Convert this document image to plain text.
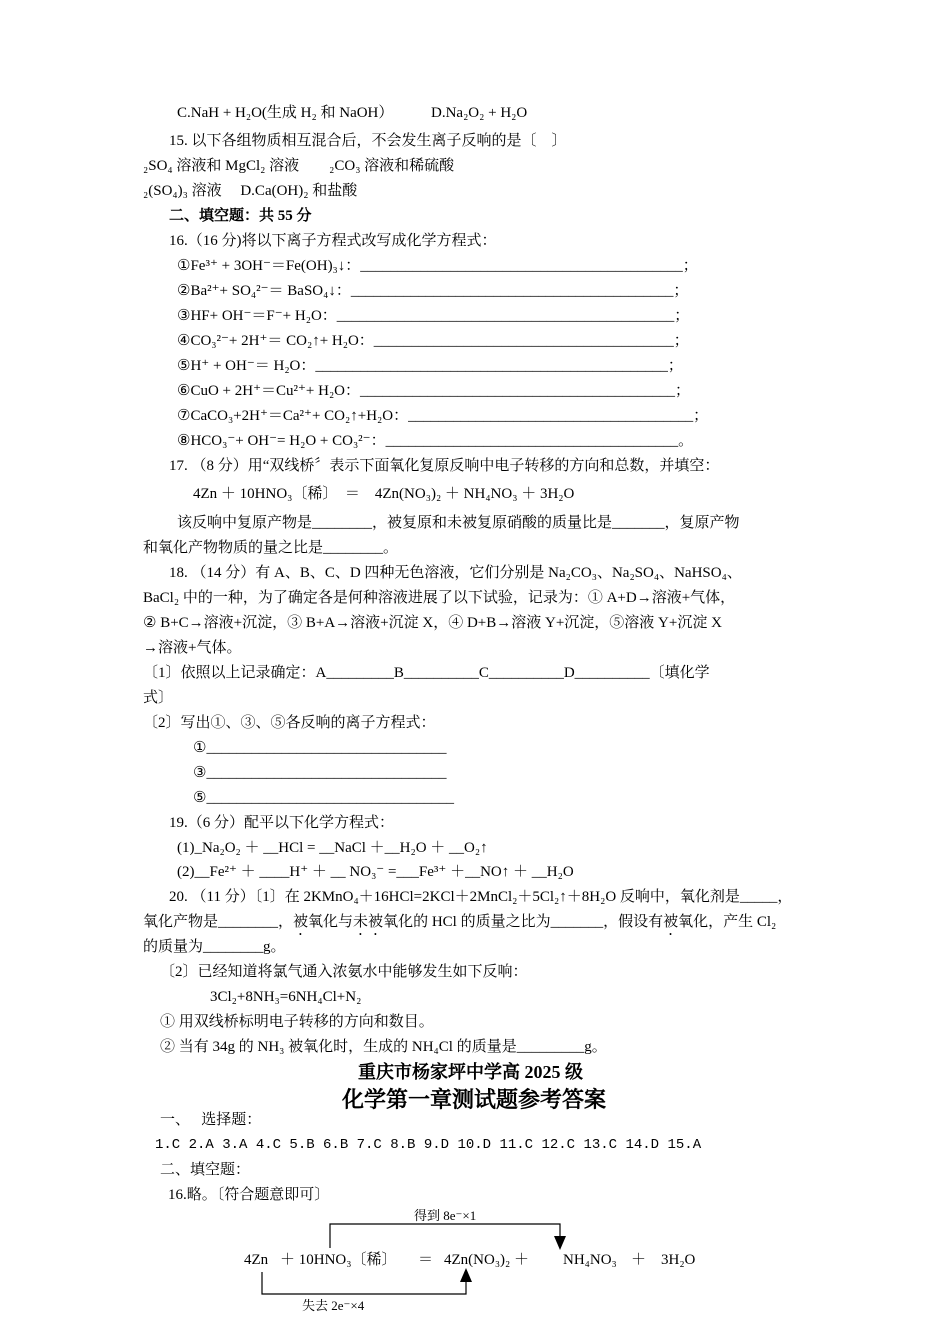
C.NaH + H₂O(生成 H₂ 和 NaOH）	D.Na₂O₂ + H₂O
15. 以下各组物质相互混合后，不会发生离子反响的是〔　〕
₂SO₄ 溶液和 MgCl₂ 溶液　　₂CO₃ 溶液和稀硫酸
₂(SO₄)₃ 溶液　 D.Ca(OH)₂ 和盐酸
二、填空题：共 55 分
16.（16 分)将以下离子方程式改写成化学方程式：
①Fe³⁺ + 3OH⁻＝Fe(OH)₃↓：___________________________________________；
②Ba²⁺+ SO₄²⁻＝ BaSO₄↓：___________________________________________；
③HF+ OH⁻＝F⁻+ H₂O：_____________________________________________；
④CO₃²⁻+ 2H⁺＝ CO₂↑+ H₂O：________________________________________；
⑤H⁺ + OH⁻＝ H₂O：_______________________________________________；
⑥CuO + 2H⁺＝Cu²⁺+ H₂O：__________________________________________；
⑦CaCO₃+2H⁺＝Ca²⁺+ CO₂↑+H₂O：______________________________________；
⑧HCO₃⁻+ OH⁻= H₂O + CO₃²⁻：_______________________________________。
17. （8 分）用“双线桥〞表示下面氧化复原反响中电子转移的方向和总数，并填空：
4Zn ＋ 10HNO₃〔稀〕　＝　4Zn(NO₃)₂ ＋ NH₄NO₃ ＋ 3H₂O
该反响中复原产物是________，被复原和未被复原硝酸的质量比是_______，复原产物
和氧化产物物质的量之比是________。
18. （14 分）有 A、B、C、D 四种无色溶液，它们分别是 Na₂CO₃、Na₂SO₄、NaHSO₄、
BaCl₂ 中的一种，为了确定各是何种溶液进展了以下试验，记录为：① A+D→溶液+气体，
② B+C→溶液+沉淀，③ B+A→溶液+沉淀 X，④ D+B→溶液 Y+沉淀，⑤溶液 Y+沉淀 X
→溶液+气体。
〔1〕依照以上记录确定：A_________B__________C__________D__________〔填化学
式〕
〔2〕写出①、③、⑤各反响的离子方程式：
①________________________________
③________________________________
⑤_________________________________
19.（6 分）配平以下化学方程式：
(1)_Na₂O₂ ＋ __HCl = __NaCl ＋__H₂O ＋ __O₂↑
(2)__Fe²⁺ ＋ ____H⁺ ＋ __ NO₃⁻ =___Fe³⁺ ＋__NO↑ ＋ __H₂O
20. （11 分）〔1〕在 2KMnO₄＋16HCl=2KCl＋2MnCl₂＋5Cl₂↑＋8H₂O 反响中，氧化剂是_____，
氧化产物是________，被氧化与未被氧化的 HCl 的质量之比为_______，假设有被氧化，产生 Cl₂
的质量为________g。
〔2〕已经知道将氯气通入浓氨水中能够发生如下反响：
3Cl₂+8NH₃=6NH₄Cl+N₂
① 用双线桥标明电子转移的方向和数目。
② 当有 34g 的 NH₃ 被氧化时，生成的 NH₄Cl 的质量是_________g。
重庆市杨家坪中学高 2025 级
化学第一章测试题参考答案
一、　 选择题：
1.C 2.A 3.A 4.C 5.B 6.B 7.C 8.B 9.D 10.D 11.C 12.C 13.C 14.D 15.A
二、填空题：
16.略。〔符合题意即可〕
得到 8e⁻×1
4Zn ＋ 10HNO₃〔稀〕 ＝ 4Zn(NO₃)₂ ＋ NH₄NO₃ ＋　3H₂O
失去 2e⁻×4
